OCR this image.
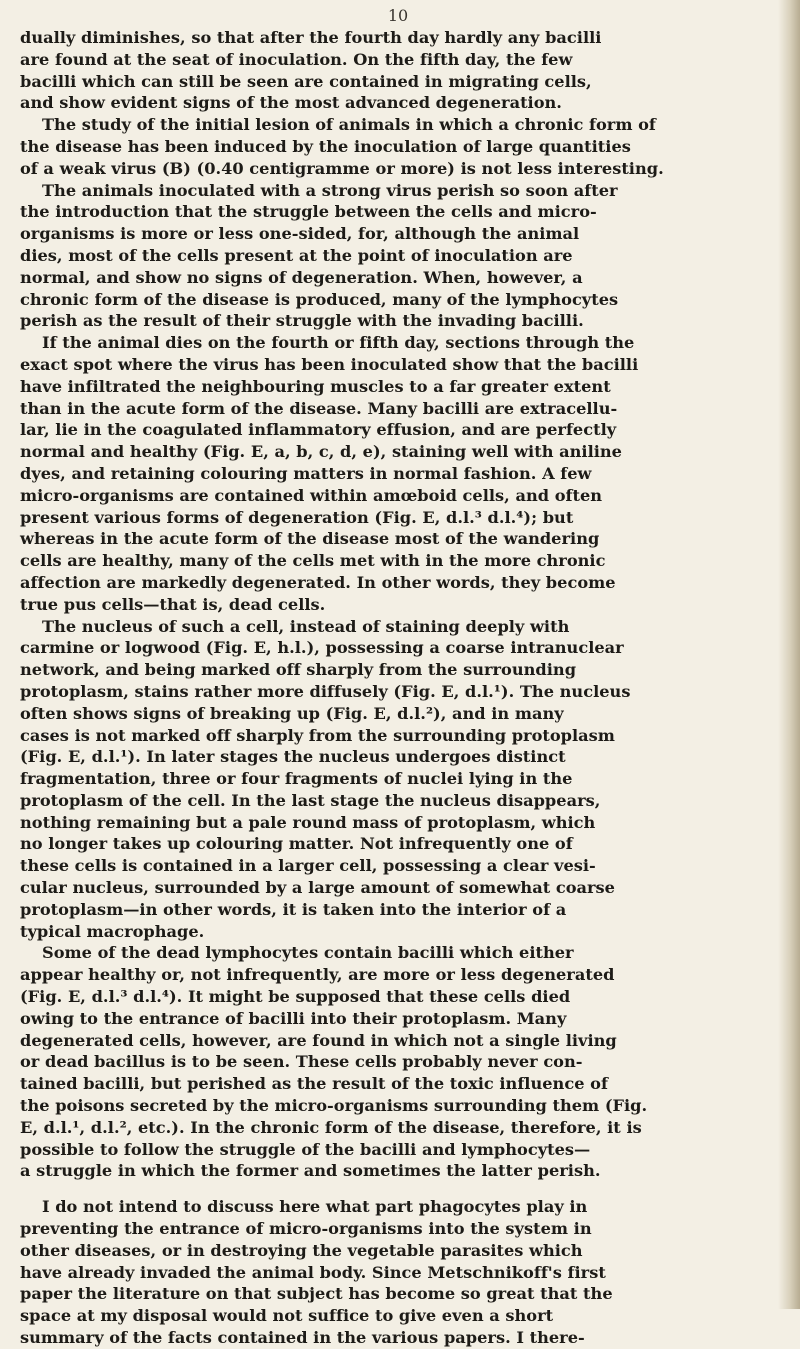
10
dually diminishes, so that after the fourth day hardly any bacilli
are found at the seat of inoculation. On the fifth day, the few
bacilli which can still be seen are contained in migrating cells,
and show evident signs of the most advanced degeneration.
The study of the initial lesion of animals in which a chronic form of
the disease has been induced by the inoculation of large quantities
of a weak virus (B) (0.40 centigramme or more) is not less interesting.
The animals inoculated with a strong virus perish so soon after
the introduction that the struggle between the cells and micro-
organisms is more or less one-sided, for, although the animal
dies, most of the cells present at the point of inoculation are
normal, and show no signs of degeneration. When, however, a
chronic form of the disease is produced, many of the lymphocytes
perish as the result of their struggle with the invading bacilli.
If the animal dies on the fourth or fifth day, sections through the
exact spot where the virus has been inoculated show that the bacilli
have infiltrated the neighbouring muscles to a far greater extent
than in the acute form of the disease. Many bacilli are extracellu-
lar, lie in the coagulated inflammatory effusion, and are perfectly
normal and healthy (Fig. E, a, b, c, d, e), staining well with aniline
dyes, and retaining colouring matters in normal fashion. A few
micro-organisms are contained within amœboid cells, and often
present various forms of degeneration (Fig. E, d.l.³ d.l.⁴); but
whereas in the acute form of the disease most of the wandering
cells are healthy, many of the cells met with in the more chronic
affection are markedly degenerated. In other words, they become
true pus cells—that is, dead cells.
The nucleus of such a cell, instead of staining deeply with
carmine or logwood (Fig. E, h.l.), possessing a coarse intranuclear
network, and being marked off sharply from the surrounding
protoplasm, stains rather more diffusely (Fig. E, d.l.¹). The nucleus
often shows signs of breaking up (Fig. E, d.l.²), and in many
cases is not marked off sharply from the surrounding protoplasm
(Fig. E, d.l.¹). In later stages the nucleus undergoes distinct
fragmentation, three or four fragments of nuclei lying in the
protoplasm of the cell. In the last stage the nucleus disappears,
nothing remaining but a pale round mass of protoplasm, which
no longer takes up colouring matter. Not infrequently one of
these cells is contained in a larger cell, possessing a clear vesi-
cular nucleus, surrounded by a large amount of somewhat coarse
protoplasm—in other words, it is taken into the interior of a
typical macrophage.
Some of the dead lymphocytes contain bacilli which either
appear healthy or, not infrequently, are more or less degenerated
(Fig. E, d.l.³ d.l.⁴). It might be supposed that these cells died
owing to the entrance of bacilli into their protoplasm. Many
degenerated cells, however, are found in which not a single living
or dead bacillus is to be seen. These cells probably never con-
tained bacilli, but perished as the result of the toxic influence of
the poisons secreted by the micro-organisms surrounding them (Fig.
E, d.l.¹, d.l.², etc.). In the chronic form of the disease, therefore, it is
possible to follow the struggle of the bacilli and lymphocytes—
a struggle in which the former and sometimes the latter perish.
I do not intend to discuss here what part phagocytes play in
preventing the entrance of micro-organisms into the system in
other diseases, or in destroying the vegetable parasites which
have already invaded the animal body. Since Metschnikoff's first
paper the literature on that subject has become so great that the
space at my disposal would not suffice to give even a short
summary of the facts contained in the various papers. I there-
